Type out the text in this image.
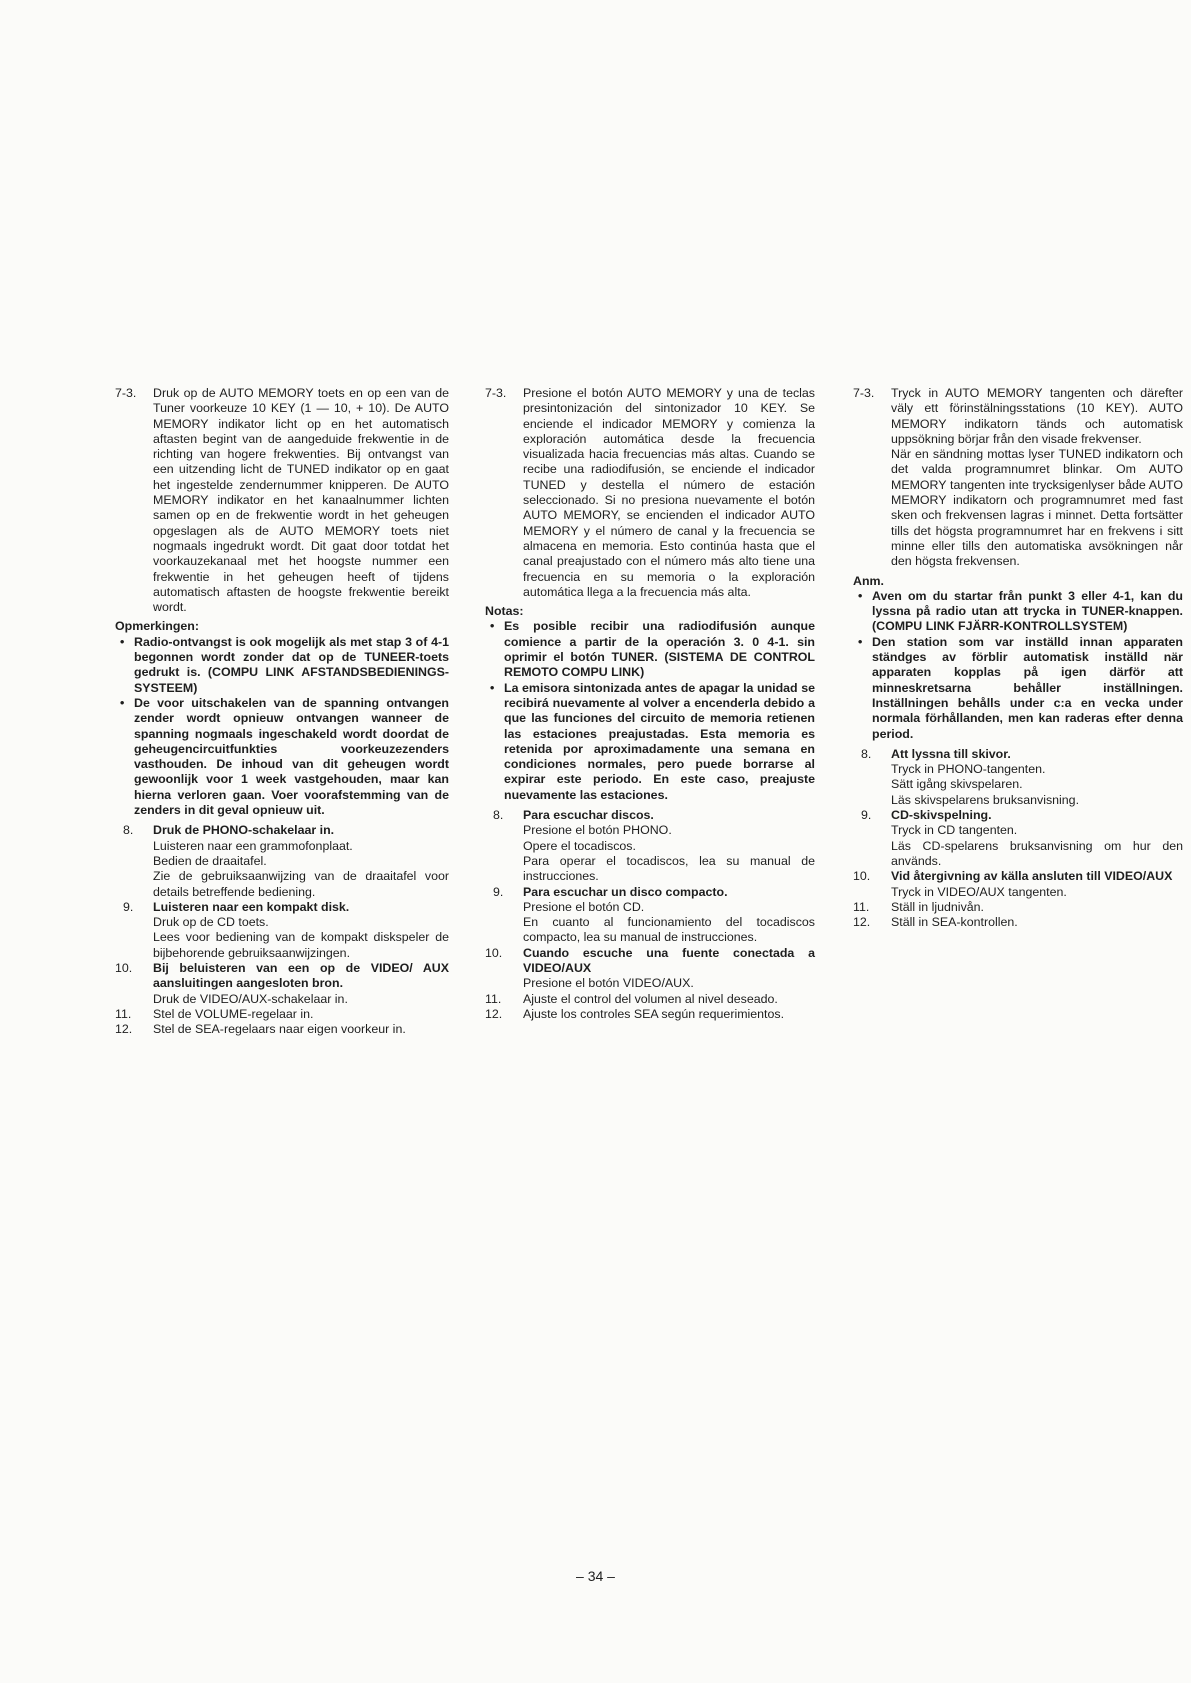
7-3. Druk op de AUTO MEMORY toets en op een van de Tuner voorkeuze 10 KEY (1 — 10, + 10). De AUTO MEMORY indikator licht op en het automatisch aftasten begint van de aangeduide frekwentie in de richting van hogere frekwenties. Bij ontvangst van een uitzending licht de TUNED indikator op en gaat het ingestelde zendernummer knipperen. De AUTO MEMORY indikator en het kanaalnummer lichten samen op en de frekwentie wordt in het geheugen opgeslagen als de AUTO MEMORY toets niet nogmaals ingedrukt wordt. Dit gaat door totdat het voorkauzekanaal met het hoogste nummer een frekwentie in het geheugen heeft of tijdens automatisch aftasten de hoogste frekwentie bereikt wordt.
Opmerkingen:
• Radio-ontvangst is ook mogelijk als met stap 3 of 4-1 begonnen wordt zonder dat op de TUNEER-toets gedrukt is. (COMPU LINK AFSTANDSBEDIENINGS-SYSTEEM)
• De voor uitschakelen van de spanning ontvangen zender wordt opnieuw ontvangen wanneer de spanning nogmaals ingeschakeld wordt doordat de geheugencircuitfunkties voorkeuzezenders vasthouden. De inhoud van dit geheugen wordt gewoonlijk voor 1 week vastgehouden, maar kan hierna verloren gaan. Voer voorafstemming van de zenders in dit geval opnieuw uit.
8. Druk de PHONO-schakelaar in.
Luisteren naar een grammofonplaat.
Bedien de draaitafel.
Zie de gebruiksaanwijzing van de draaitafel voor details betreffende bediening.
9. Luisteren naar een kompakt disk.
Druk op de CD toets.
Lees voor bediening van de kompakt diskspeler de bijbehorende gebruiksaanwijzingen.
10. Bij beluisteren van een op de VIDEO/ AUX aansluitingen aangesloten bron.
Druk de VIDEO/AUX-schakelaar in.
11. Stel de VOLUME-regelaar in.
12. Stel de SEA-regelaars naar eigen voorkeur in.
7-3. Presione el botón AUTO MEMORY y una de teclas presintonización del sintonizador 10 KEY. Se enciende el indicador MEMORY y comienza la exploración automática desde la frecuencia visualizada hacia frecuencias más altas. Cuando se recibe una radiodifusión, se enciende el indicador TUNED y destella el número de estación seleccionado. Si no presiona nuevamente el botón AUTO MEMORY, se encienden el indicador AUTO MEMORY y el número de canal y la frecuencia se almacena en memoria. Esto continúa hasta que el canal preajustado con el número más alto tiene una frecuencia en su memoria o la exploración automática llega a la frecuencia más alta.
Notas:
• Es posible recibir una radiodifusión aunque comience a partir de la operación 3. 0 4-1. sin oprimir el botón TUNER. (SISTEMA DE CONTROL REMOTO COMPU LINK)
• La emisora sintonizada antes de apagar la unidad se recibirá nuevamente al volver a encenderla debido a que las funciones del circuito de memoria retienen las estaciones preajustadas. Esta memoria es retenida por aproximadamente una semana en condiciones normales, pero puede borrarse al expirar este periodo. En este caso, preajuste nuevamente las estaciones.
8. Para escuchar discos.
Presione el botón PHONO.
Opere el tocadiscos.
Para operar el tocadiscos, lea su manual de instrucciones.
9. Para escuchar un disco compacto.
Presione el botón CD.
En cuanto al funcionamiento del tocadiscos compacto, lea su manual de instrucciones.
10. Cuando escuche una fuente conectada a VIDEO/AUX
Presione el botón VIDEO/AUX.
11. Ajuste el control del volumen al nivel deseado.
12. Ajuste los controles SEA según requerimientos.
7-3. Tryck in AUTO MEMORY tangenten och därefter väly ett förinstälningsstations (10 KEY). AUTO MEMORY indikatorn tänds och automatisk uppsökning börjar från den visade frekvenser.
När en sändning mottas lyser TUNED indikatorn och det valda programnumret blinkar. Om AUTO MEMORY tangenten inte trycksigenlyser både AUTO MEMORY indikatorn och programnumret med fast sken och frekvensen lagras i minnet. Detta fortsätter tills det högsta programnumret har en frekvens i sitt minne eller tills den automatiska avsökningen når den högsta frekvensen.
Anm.
• Aven om du startar från punkt 3 eller 4-1, kan du lyssna på radio utan att trycka in TUNER-knappen. (COMPU LINK FJÄRR-KONTROLLSYSTEM)
• Den station som var inställd innan apparaten ständges av förblir automatisk inställd när apparaten kopplas på igen därför att minneskretsarna behåller inställningen. Inställningen behålls under c:a en vecka under normala förhållanden, men kan raderas efter denna period.
8. Att lyssna till skivor.
Tryck in PHONO-tangenten.
Sätt igång skivspelaren.
Läs skivspelarens bruksanvisning.
9. CD-skivspelning.
Tryck in CD tangenten.
Läs CD-spelarens bruksanvisning om hur den används.
10. Vid återgivning av källa ansluten till VIDEO/AUX
Tryck in VIDEO/AUX tangenten.
11. Ställ in ljudnivån.
12. Ställ in SEA-kontrollen.
– 34 –
